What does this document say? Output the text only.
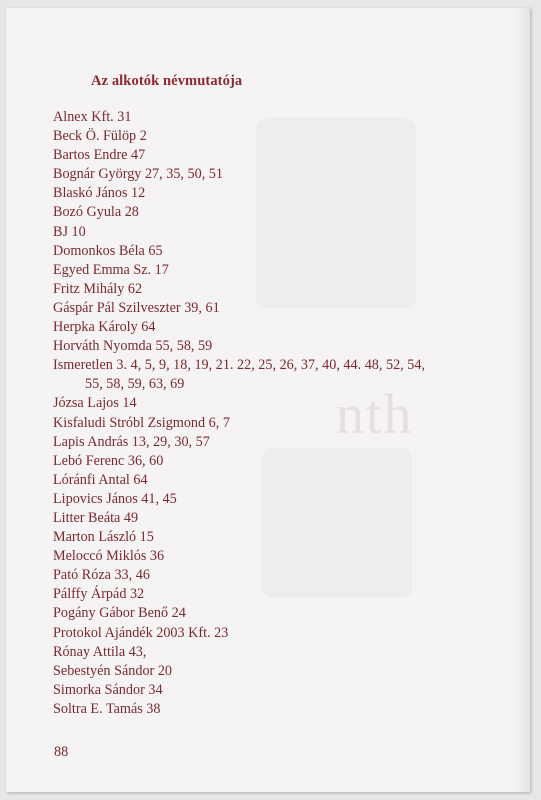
nth
Az alkotók névmutatója
Alnex Kft. 31
Beck Ö. Fülöp 2
Bartos Endre 47
Bognár György 27, 35, 50, 51
Blaskó János 12
Bozó Gyula 28
BJ 10
Domonkos Béla 65
Egyed Emma Sz. 17
Fritz Mihály 62
Gáspár Pál Szilveszter 39, 61
Herpka Károly 64
Horváth Nyomda 55, 58, 59
Ismeretlen 3. 4, 5, 9, 18, 19, 21. 22, 25, 26, 37, 40, 44. 48, 52, 54,
55, 58, 59, 63, 69
Józsa Lajos 14
Kisfaludi Stróbl Zsigmond 6, 7
Lapis András 13, 29, 30, 57
Lebó Ferenc 36, 60
Lóránfi Antal 64
Lipovics János 41, 45
Litter Beáta 49
Marton László 15
Meloccó Miklós 36
Pató Róza 33, 46
Pálffy Árpád 32
Pogány Gábor Benő 24
Protokol Ajándék 2003 Kft. 23
Rónay Attila 43,
Sebestyén Sándor 20
Simorka Sándor 34
Soltra E. Tamás 38
88
